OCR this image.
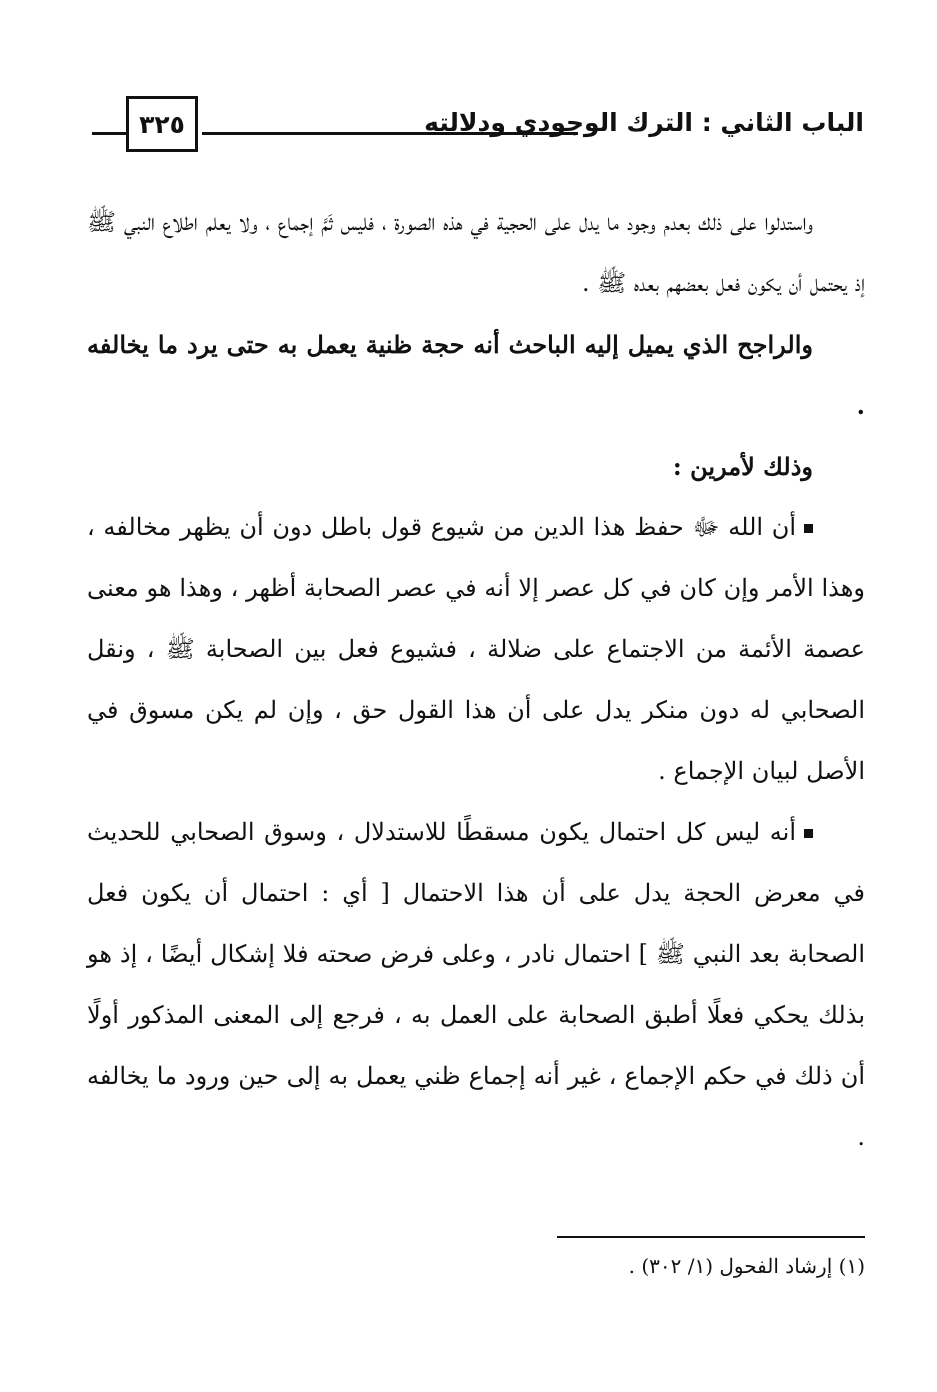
٣٢٥	الباب الثاني : الترك الوجودي ودلالته

واستدلوا على ذلك بعدم وجود ما يدل على الحجية في هذه الصورة ، فليس ثَمَّ إجماع ، ولا يعلم اطلاع النبي ﷺ إذ يحتمل أن يكون فعل بعضهم بعده ﷺ .

والراجح الذي يميل إليه الباحث أنه حجة ظنية يعمل به حتى يرد ما يخالفه .

وذلك لأمرين :

أن الله ﷻ حفظ هذا الدين من شيوع قول باطل دون أن يظهر مخالفه ، وهذا الأمر وإن كان في كل عصر إلا أنه في عصر الصحابة أظهر ، وهذا هو معنى عصمة الأئمة من الاجتماع على ضلالة ، فشيوع فعل بين الصحابة ﷺ ، ونقل الصحابي له دون منكر يدل على أن هذا القول حق ، وإن لم يكن مسوق في الأصل لبيان الإجماع .

أنه ليس كل احتمال يكون مسقطًا للاستدلال ، وسوق الصحابي للحديث في معرض الحجة يدل على أن هذا الاحتمال [ أي : احتمال أن يكون فعل الصحابة بعد النبي ﷺ ] احتمال نادر ، وعلى فرض صحته فلا إشكال أيضًا ، إذ هو بذلك يحكي فعلًا أطبق الصحابة على العمل به ، فرجع إلى المعنى المذكور أولًا أن ذلك في حكم الإجماع ، غير أنه إجماع ظني يعمل به إلى حين ورود ما يخالفه .

(١) إرشاد الفحول (١/ ٣٠٢) .
